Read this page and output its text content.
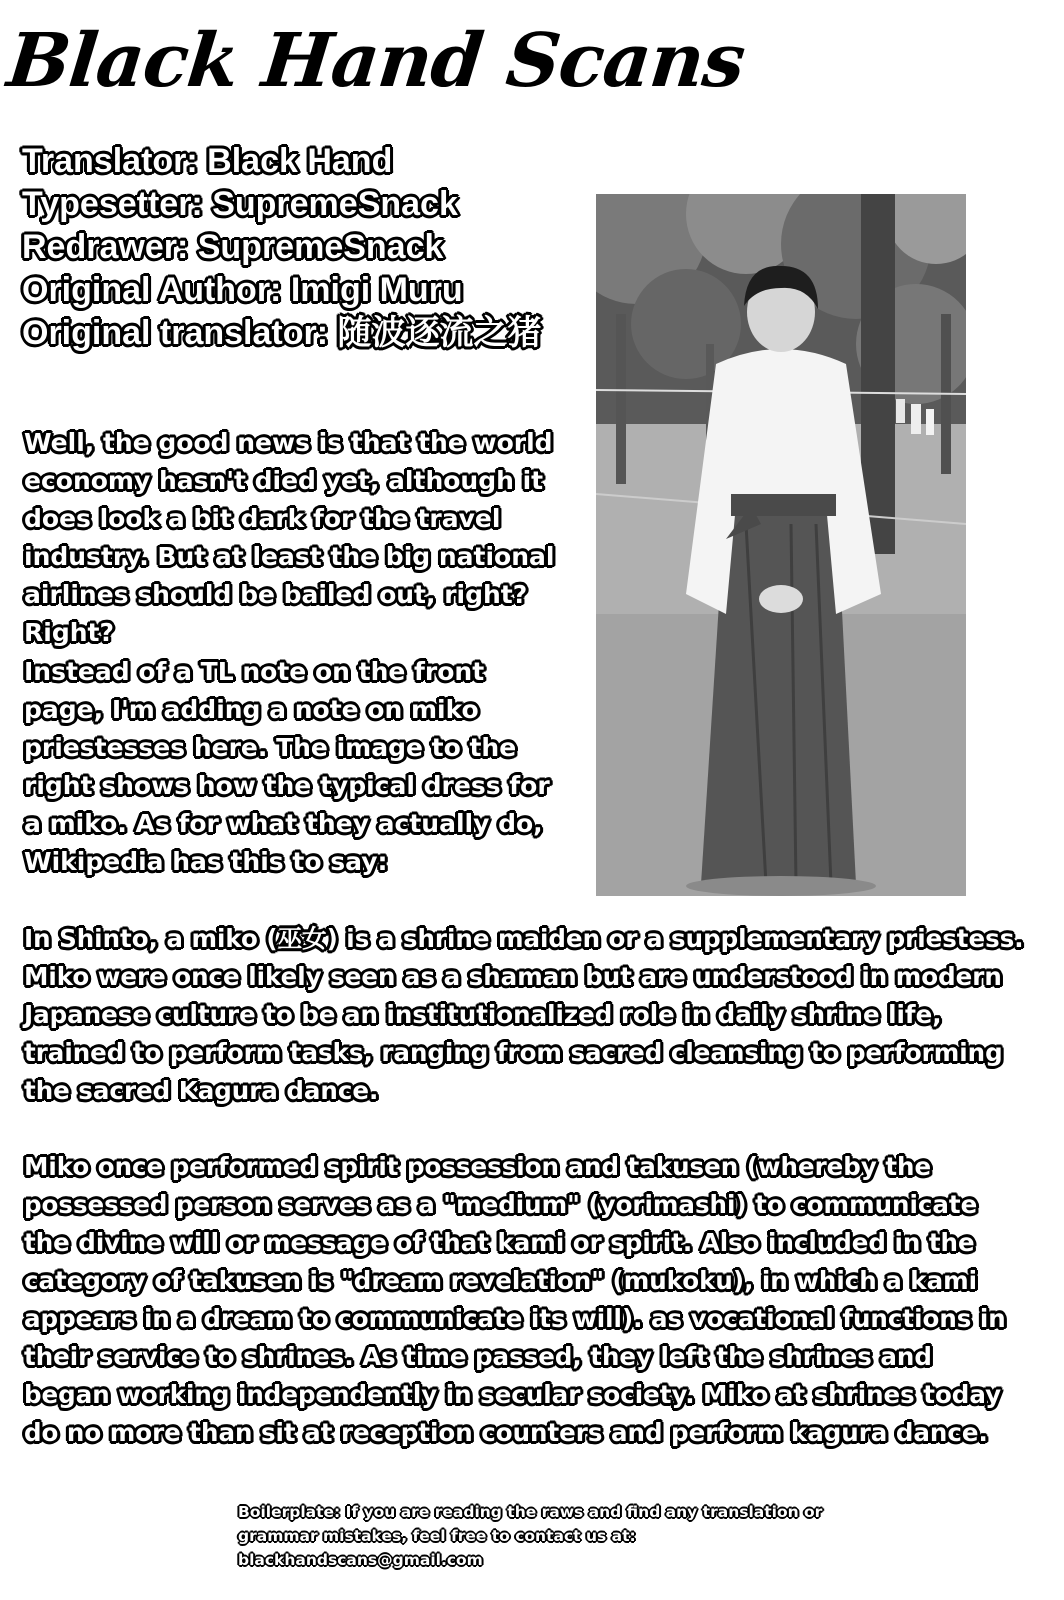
Black Hand Scans
Translator: Black Hand
Typesetter: SupremeSnack
Redrawer: SupremeSnack
Original Author: Imigi Muru
Original translator: 随波逐流之猪

Well, the good news is that the world economy hasn't died yet, although it does look a bit dark for the travel industry. But at least the big national airlines should be bailed out, right? Right?

Instead of a TL note on the front page, I'm adding a note on miko priestesses here. The image to the right shows how the typical dress for a miko. As for what they actually do, Wikipedia has this to say:

In Shinto, a miko (巫女) is a shrine maiden or a supplementary priestess. Miko were once likely seen as a shaman but are understood in modern Japanese culture to be an institutionalized role in daily shrine life, trained to perform tasks, ranging from sacred cleansing to performing the sacred Kagura dance.

Miko once performed spirit possession and takusen (whereby the possessed person serves as a "medium" (yorimashi) to communicate the divine will or message of that kami or spirit. Also included in the category of takusen is "dream revelation" (mukoku), in which a kami appears in a dream to communicate its will). as vocational functions in their service to shrines. As time passed, they left the shrines and began working independently in secular society. Miko at shrines today do no more than sit at reception counters and perform kagura dance.

Boilerplate: If you are reading the raws and find any translation or grammar mistakes, feel free to contact us at: blackhandscans@gmail.com
